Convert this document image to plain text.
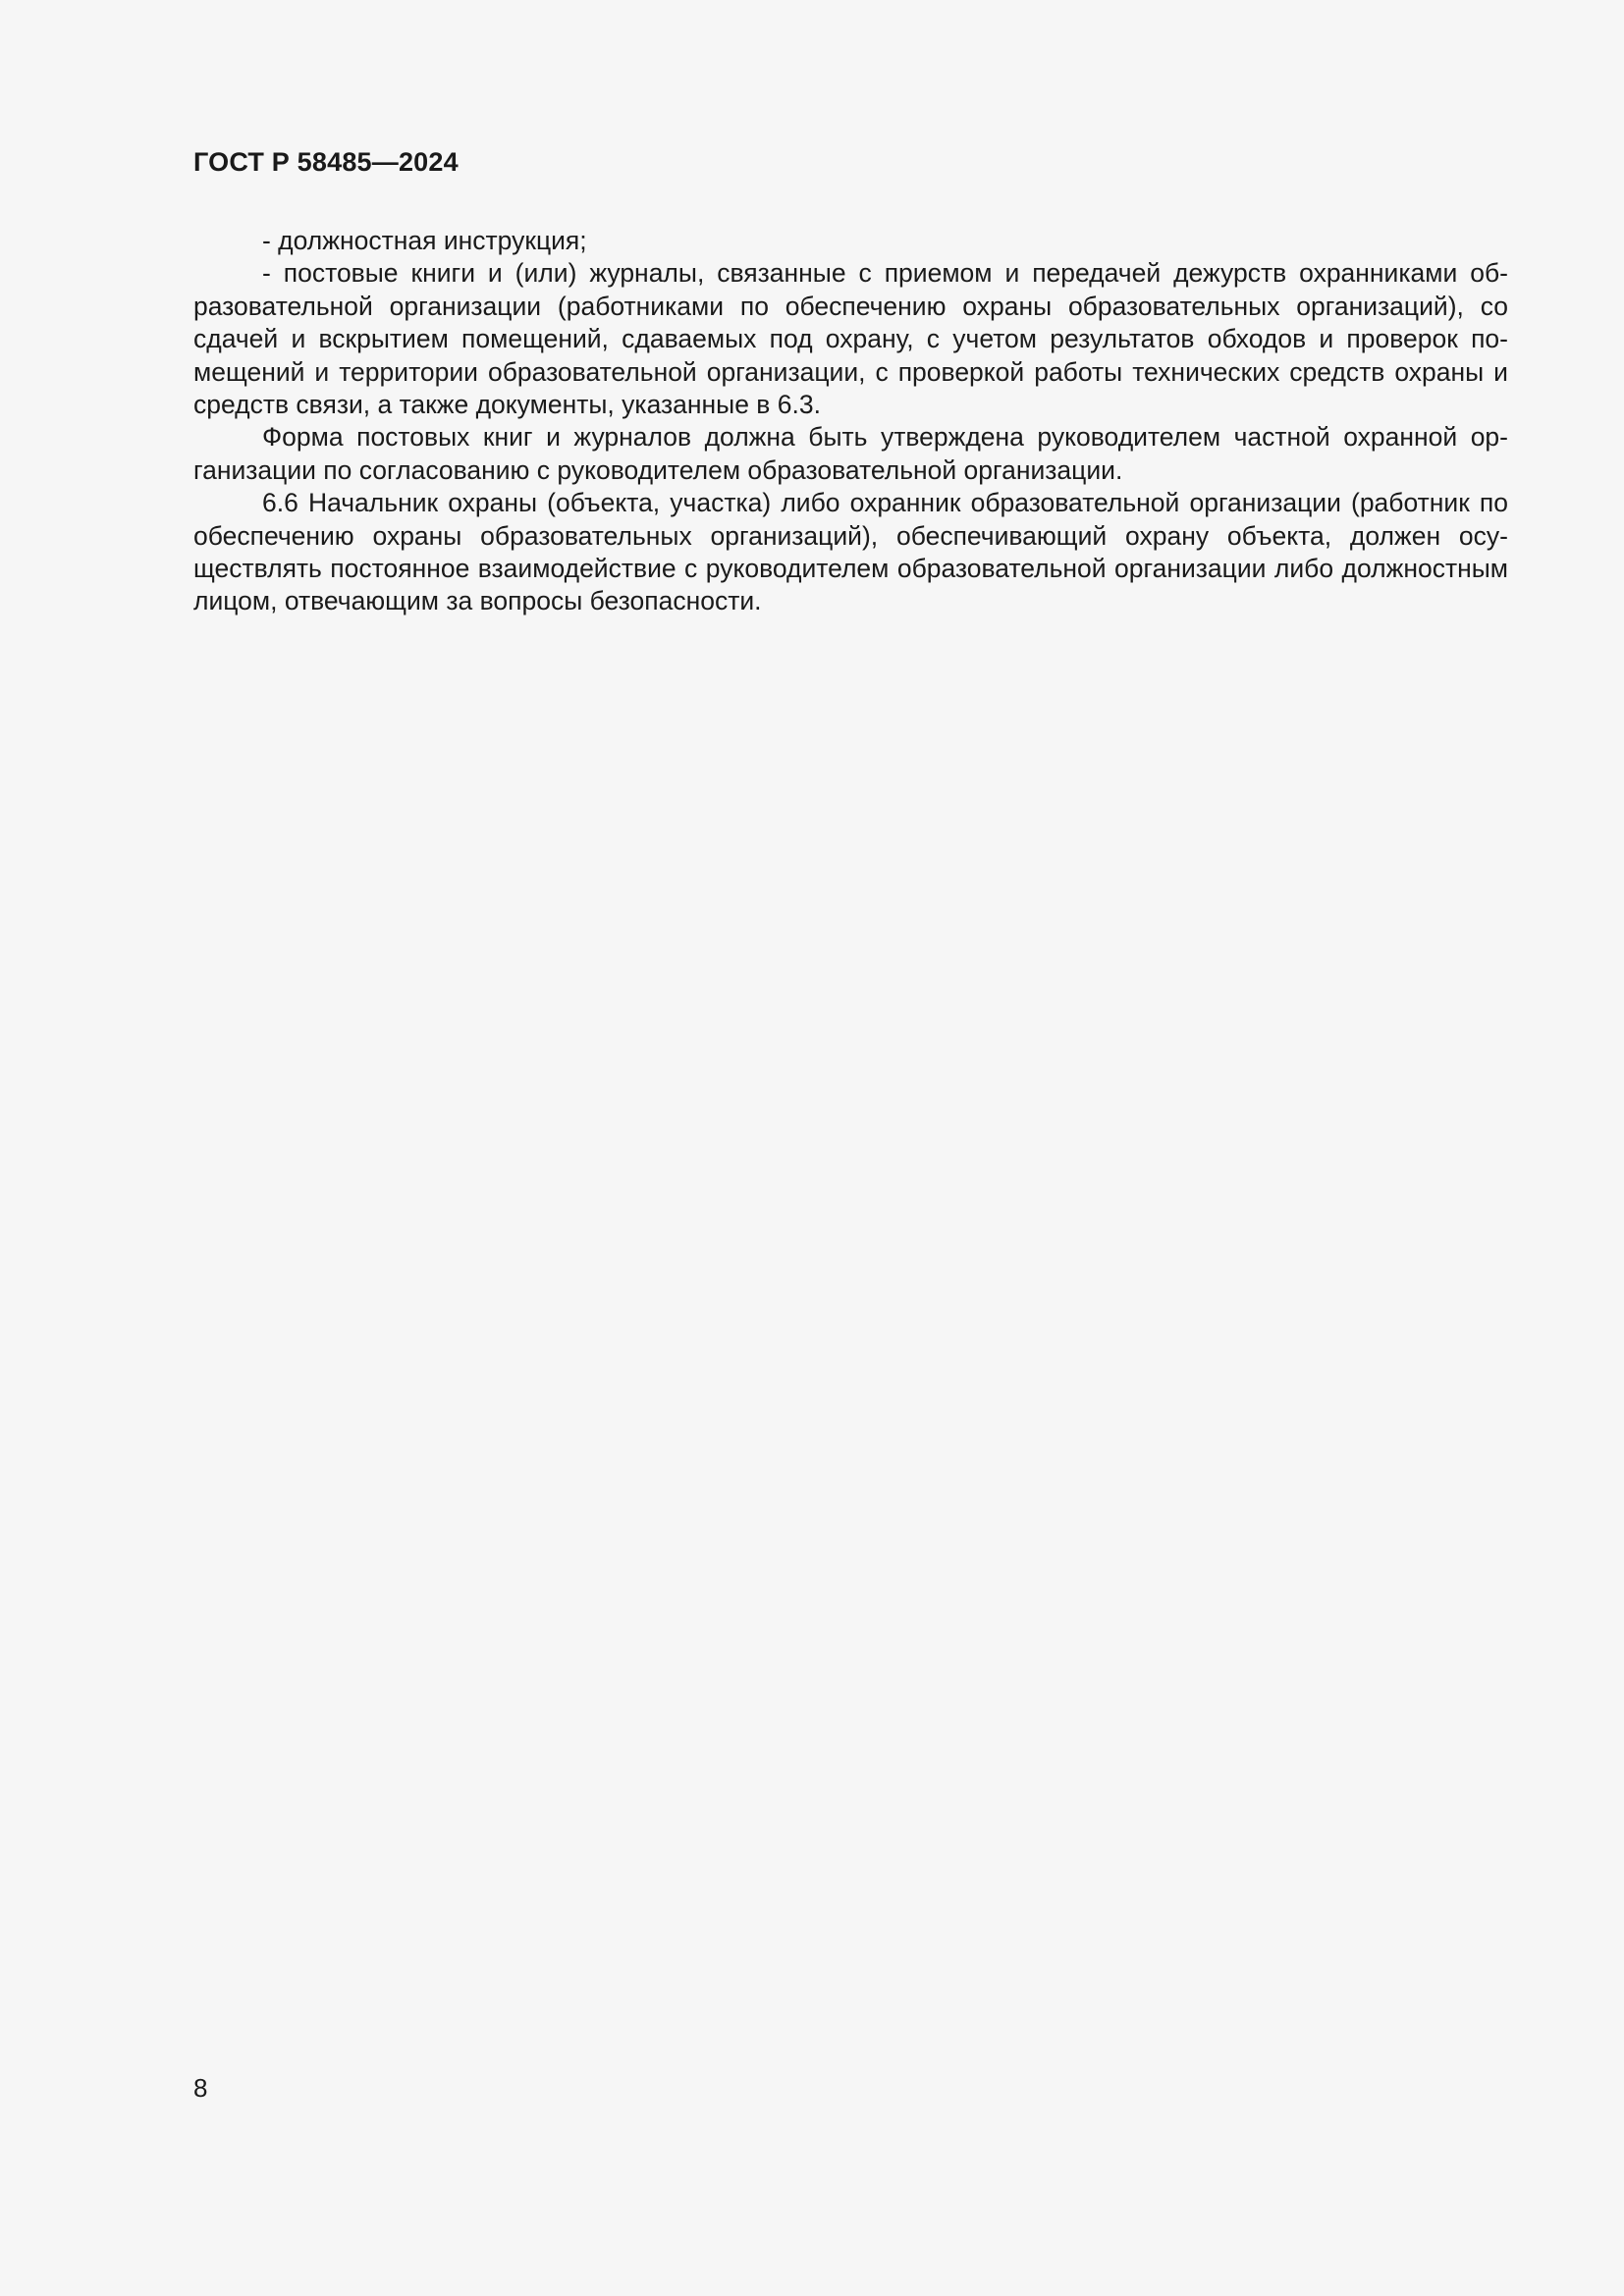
ГОСТ Р 58485—2024

- должностная инструкция;

- постовые книги и (или) журналы, связанные с приемом и передачей дежурств охранниками образовательной организации (работниками по обеспечению охраны образовательных организаций), со сдачей и вскрытием помещений, сдаваемых под охрану, с учетом результатов обходов и проверок помещений и территории образовательной организации, с проверкой работы технических средств охраны и средств связи, а также документы, указанные в 6.3.

Форма постовых книг и журналов должна быть утверждена руководителем частной охранной организации по согласованию с руководителем образовательной организации.

6.6 Начальник охраны (объекта, участка) либо охранник образовательной организации (работник по обеспечению охраны образовательных организаций), обеспечивающий охрану объекта, должен осуществлять постоянное взаимодействие с руководителем образовательной организации либо должностным лицом, отвечающим за вопросы безопасности.

8
